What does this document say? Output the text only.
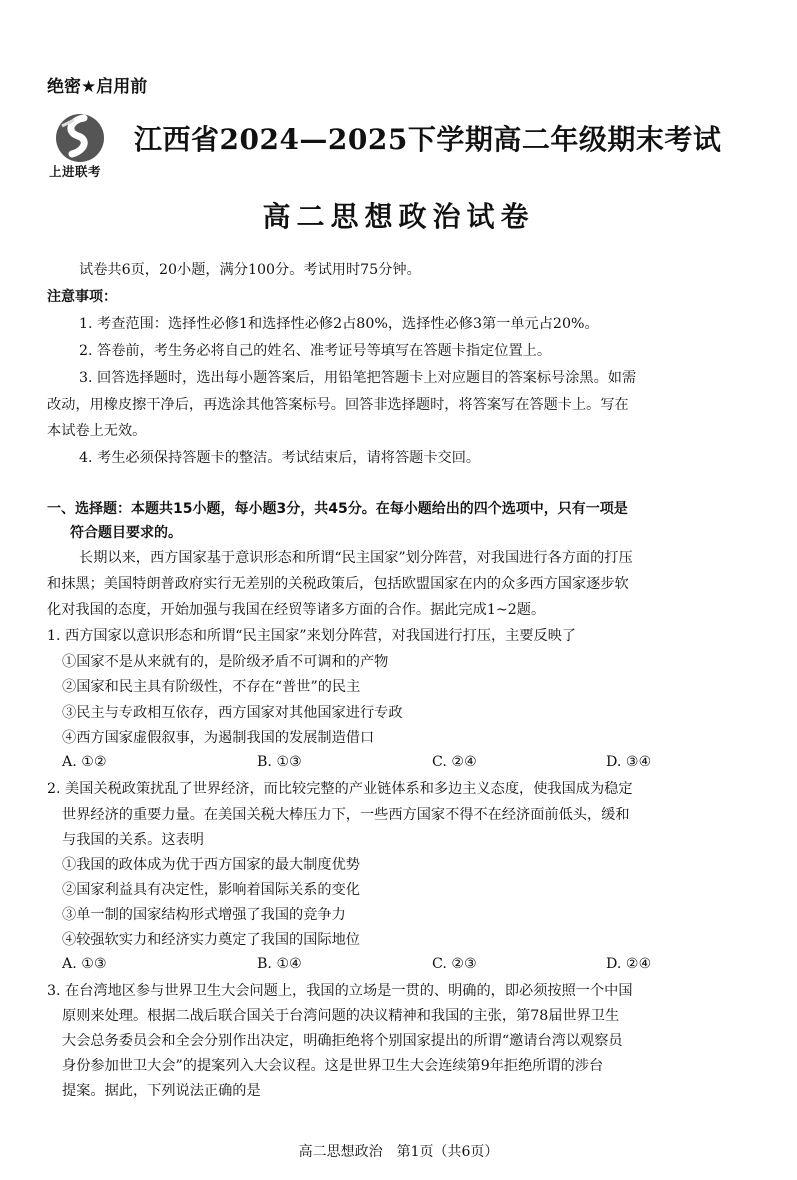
绝密★启用前
上进联考
江西省2024—2025下学期高二年级期末考试
高二思想政治试卷
试卷共6页，20小题，满分100分。考试用时75分钟。
注意事项：
1. 考查范围：选择性必修1和选择性必修2占80%，选择性必修3第一单元占20%。
2. 答卷前，考生务必将自己的姓名、准考证号等填写在答题卡指定位置上。
3. 回答选择题时，选出每小题答案后，用铅笔把答题卡上对应题目的答案标号涂黑。如需
改动，用橡皮擦干净后，再选涂其他答案标号。回答非选择题时，将答案写在答题卡上。写在
本试卷上无效。
4. 考生必须保持答题卡的整洁。考试结束后，请将答题卡交回。
一、选择题：本题共15小题，每小题3分，共45分。在每小题给出的四个选项中，只有一项是
符合题目要求的。
长期以来，西方国家基于意识形态和所谓“民主国家”划分阵营，对我国进行各方面的打压
和抹黑；美国特朗普政府实行无差别的关税政策后，包括欧盟国家在内的众多西方国家逐步软
化对我国的态度，开始加强与我国在经贸等诸多方面的合作。据此完成1~2题。
1. 西方国家以意识形态和所谓“民主国家”来划分阵营，对我国进行打压，主要反映了
①国家不是从来就有的，是阶级矛盾不可调和的产物
②国家和民主具有阶级性，不存在“普世”的民主
③民主与专政相互依存，西方国家对其他国家进行专政
④西方国家虚假叙事，为遏制我国的发展制造借口
A. ①②	B. ①③	C. ②④	D. ③④
2. 美国关税政策扰乱了世界经济，而比较完整的产业链体系和多边主义态度，使我国成为稳定
世界经济的重要力量。在美国关税大棒压力下，一些西方国家不得不在经济面前低头，缓和
与我国的关系。这表明
①我国的政体成为优于西方国家的最大制度优势
②国家利益具有决定性，影响着国际关系的变化
③单一制的国家结构形式增强了我国的竞争力
④较强软实力和经济实力奠定了我国的国际地位
A. ①③	B. ①④	C. ②③	D. ②④
3. 在台湾地区参与世界卫生大会问题上，我国的立场是一贯的、明确的，即必须按照一个中国
原则来处理。根据二战后联合国关于台湾问题的决议精神和我国的主张，第78届世界卫生
大会总务委员会和全会分别作出决定，明确拒绝将个别国家提出的所谓“邀请台湾以观察员
身份参加世卫大会”的提案列入大会议程。这是世界卫生大会连续第9年拒绝所谓的涉台
提案。据此，下列说法正确的是
高二思想政治　第1页（共6页）
